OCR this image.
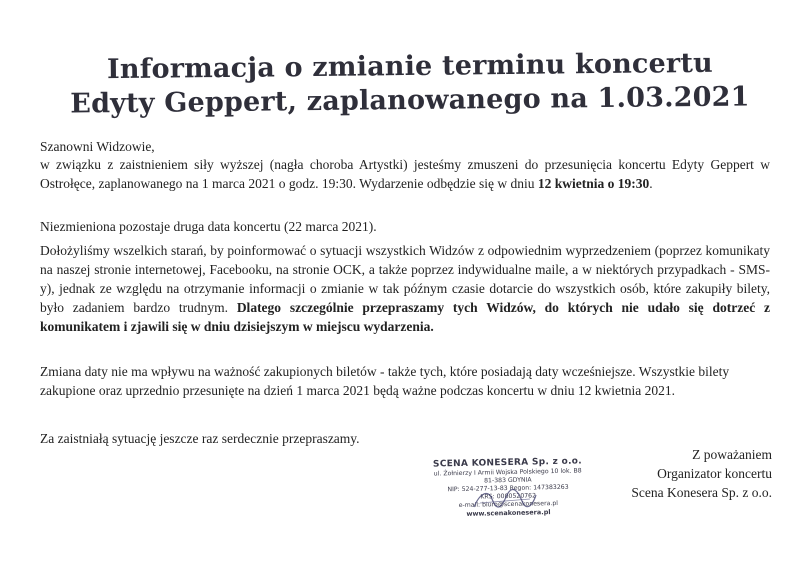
Informacja o zmianie terminu koncertu
Edyty Geppert, zaplanowanego na 1.03.2021
Szanowni Widzowie,
w związku z zaistnieniem siły wyższej (nagła choroba Artystki) jesteśmy zmuszeni do przesunięcia koncertu Edyty Geppert w Ostrołęce, zaplanowanego na 1 marca 2021 o godz. 19:30. Wydarzenie odbędzie się w dniu 12 kwietnia o 19:30.
Niezmieniona pozostaje druga data koncertu (22 marca 2021).
Dołożyliśmy wszelkich starań, by poinformować o sytuacji wszystkich Widzów z odpowiednim wyprzedzeniem (poprzez komunikaty na naszej stronie internetowej, Facebooku, na stronie OCK, a także poprzez indywidualne maile, a w niektórych przypadkach - SMS-y), jednak ze względu na otrzymanie informacji o zmianie w tak późnym czasie dotarcie do wszystkich osób, które zakupiły bilety, było zadaniem bardzo trudnym. Dlatego szczególnie przepraszamy tych Widzów, do których nie udało się dotrzeć z komunikatem i zjawili się w dniu dzisiejszym w miejscu wydarzenia.
Zmiana daty nie ma wpływu na ważność zakupionych biletów - także tych, które posiadają daty wcześniejsze. Wszystkie bilety zakupione oraz uprzednio przesunięte na dzień 1 marca 2021 będą ważne podczas koncertu w dniu 12 kwietnia 2021.
Za zaistniałą sytuację jeszcze raz serdecznie przepraszamy.
Z poważaniem
Organizator koncertu
Scena Konesera Sp. z o.o.
SCENA KONESERA Sp. z o.o.
ul. Żołnierzy I Armii Wojska Polskiego 10 lok. B8
81-383 GDYNIA
NIP: 524-277-13-83 Regon: 147383263
KRS: 0000520762
e-mail: biuro@scenakonesera.pl
www.scenakonesera.pl
